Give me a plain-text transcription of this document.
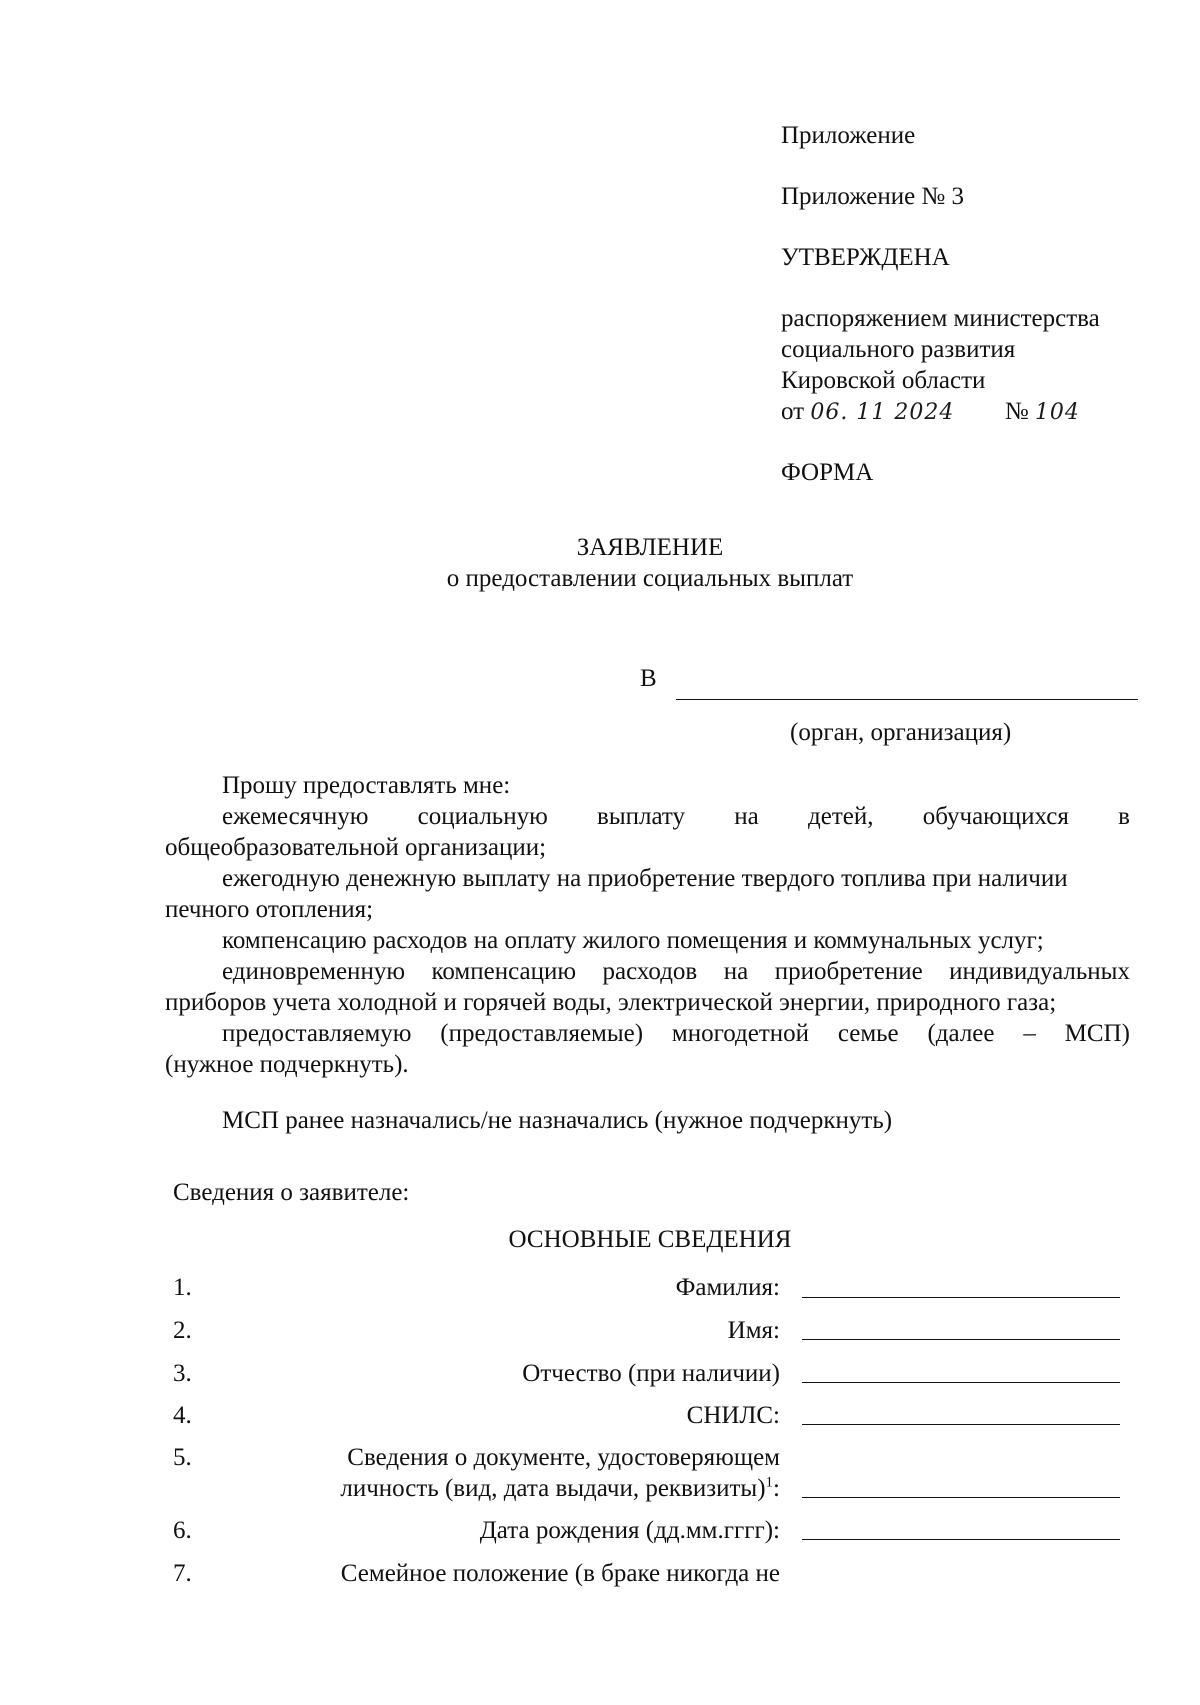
Приложение
Приложение № 3
УТВЕРЖДЕНА
распоряжением министерства
социального развития
Кировской области
от 06. 11 2024 № 104
ФОРМА
ЗАЯВЛЕНИЕ
о предоставлении социальных выплат
В
(орган, организация)
Прошу предоставлять мне:
ежемесячную социальную выплату на детей, обучающихся в
общеобразовательной организации;
ежегодную денежную выплату на приобретение твердого топлива при наличии
печного отопления;
компенсацию расходов на оплату жилого помещения и коммунальных услуг;
единовременную компенсацию расходов на приобретение индивидуальных
приборов учета холодной и горячей воды, электрической энергии, природного газа;
предоставляемую (предоставляемые) многодетной семье (далее – МСП)
(нужное подчеркнуть).
МСП ранее назначались/не назначались (нужное подчеркнуть)
Сведения о заявителе:
ОСНОВНЫЕ СВЕДЕНИЯ
1.	Фамилия:
2.	Имя:
3.	Отчество (при наличии)
4.	СНИЛС:
5.	Сведения о документе, удостоверяющем
личность (вид, дата выдачи, реквизиты)$^1$:
6.	Дата рождения (дд.мм.гггг):
7.	Семейное положение (в браке никогда не
